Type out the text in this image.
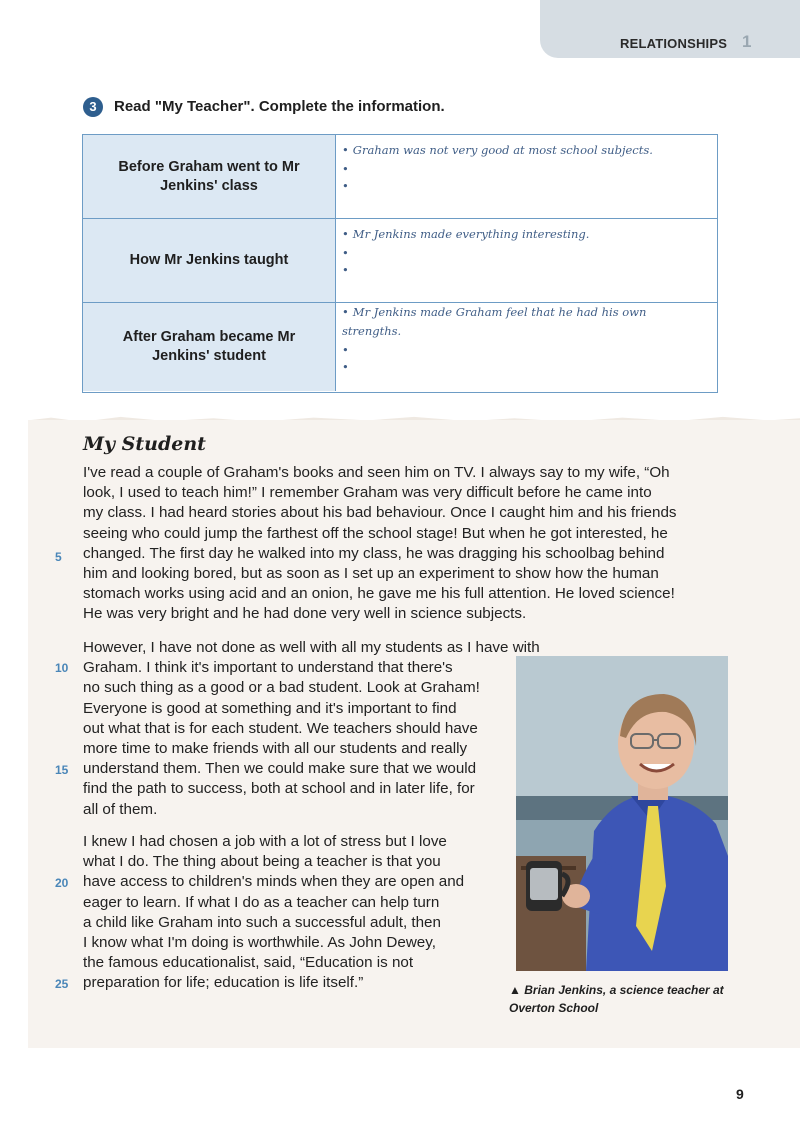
RELATIONSHIPS 1
3	Read "My Teacher". Complete the information.
Before Graham went to Mr Jenkins' class
• Graham was not very good at most school subjects.
•
•
How Mr Jenkins taught
• Mr Jenkins made everything interesting.
•
•
After Graham became Mr Jenkins' student
• Mr Jenkins made Graham feel that he had his own strengths.
•
•
My Student
I've read a couple of Graham's books and seen him on TV. I always say to my wife, “Oh
look, I used to teach him!” I remember Graham was very difficult before he came into
my class. I had heard stories about his bad behaviour. Once I caught him and his friends
seeing who could jump the farthest off the school stage! But when he got interested, he
changed. The first day he walked into my class, he was dragging his schoolbag behind
him and looking bored, but as soon as I set up an experiment to show how the human
stomach works using acid and an onion, he gave me his full attention. He loved science!
He was very bright and he had done very well in science subjects.
However, I have not done as well with all my students as I have with
Graham. I think it's important to understand that there's
no such thing as a good or a bad student. Look at Graham!
Everyone is good at something and it's important to find
out what that is for each student. We teachers should have
more time to make friends with all our students and really
understand them. Then we could make sure that we would
find the path to success, both at school and in later life, for
all of them.
I knew I had chosen a job with a lot of stress but I love
what I do. The thing about being a teacher is that you
have access to children's minds when they are open and
eager to learn. If what I do as a teacher can help turn
a child like Graham into such a successful adult, then
I know what I'm doing is worthwhile. As John Dewey,
the famous educationalist, said, “Education is not
preparation for life; education is life itself.”
5
10
15
20
25	▲ Brian Jenkins, a science teacher at Overton School
9
